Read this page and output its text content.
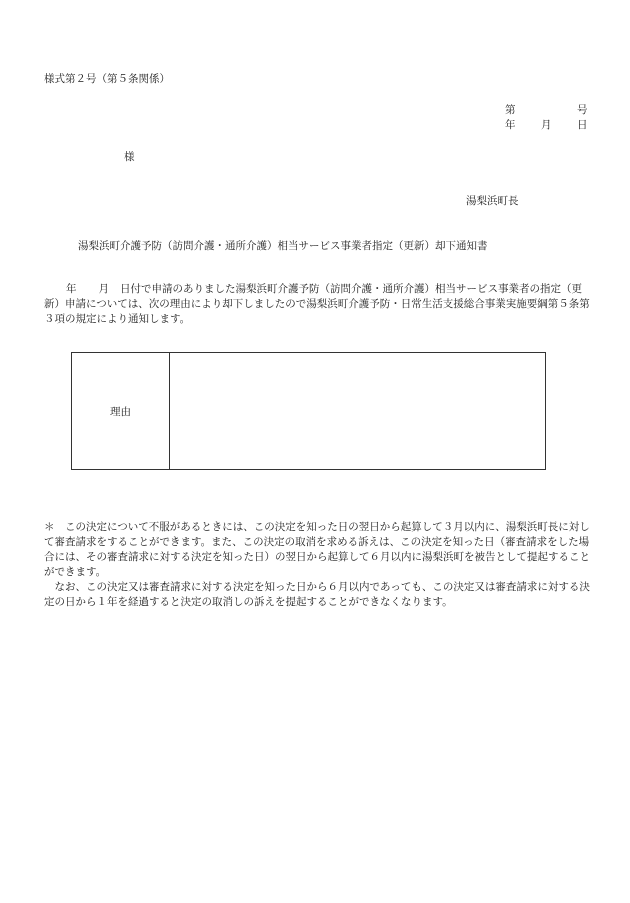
様式第２号（第５条関係）
第	号
年 月 日
様
湯梨浜町長
湯梨浜町介護予防（訪問介護・通所介護）相当サービス事業者指定（更新）却下通知書
年 月 日付で申請のありました湯梨浜町介護予防（訪問介護・通所介護）相当サービス事業者の指定（更新）申請については、次の理由により却下しましたので湯梨浜町介護予防・日常生活支援総合事業実施要綱第５条第３項の規定により通知します。
理由

＊　この決定について不服があるときには、この決定を知った日の翌日から起算して３月以内に、湯梨浜町長に対して審査請求をすることができます。また、この決定の取消を求める訴えは、この決定を知った日（審査請求をした場合には、その審査請求に対する決定を知った日）の翌日から起算して６月以内に湯梨浜町を被告として提起することができます。

　なお、この決定又は審査請求に対する決定を知った日から６月以内であっても、この決定又は審査請求に対する決定の日から１年を経過すると決定の取消しの訴えを提起することができなくなります。
